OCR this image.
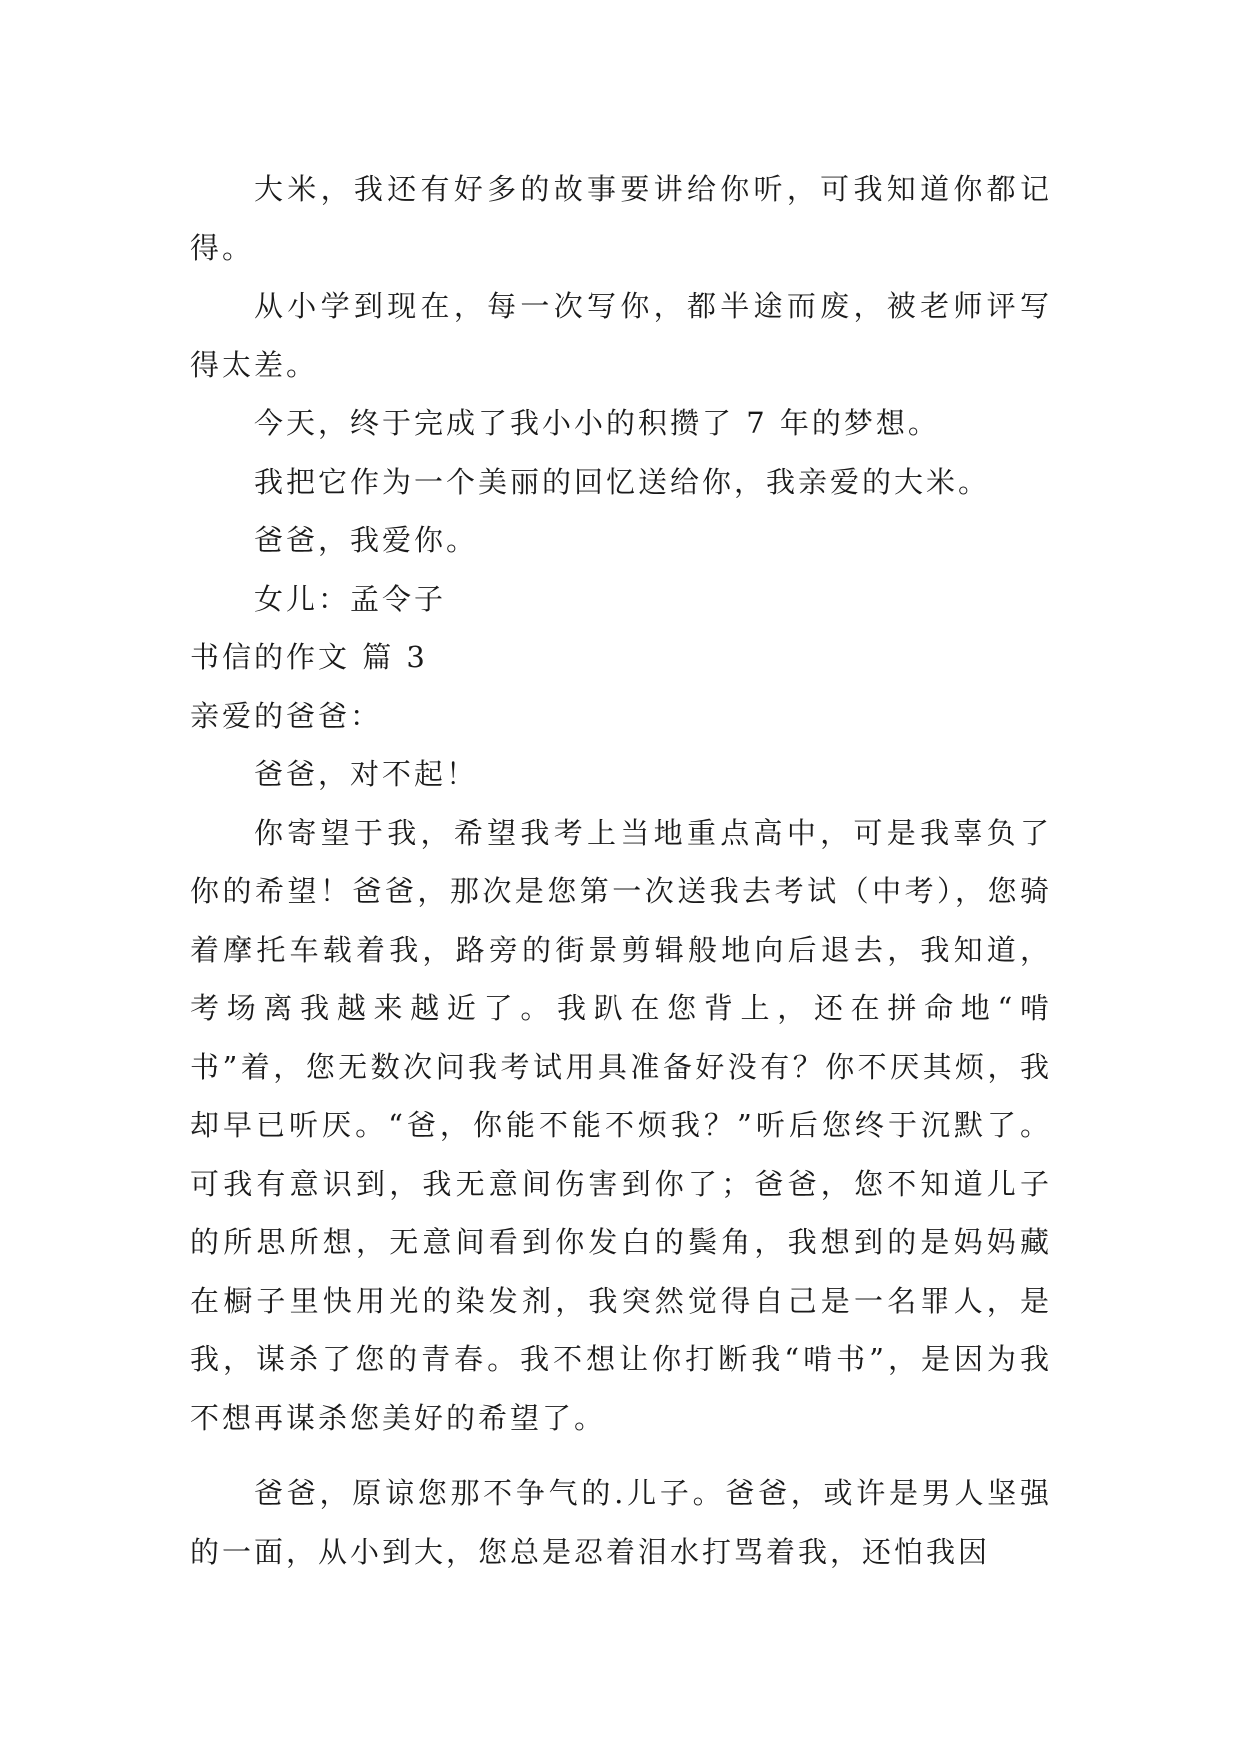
大米，我还有好多的故事要讲给你听，可我知道你都记得。

从小学到现在，每一次写你，都半途而废，被老师评写得太差。

今天，终于完成了我小小的积攒了 7 年的梦想。

我把它作为一个美丽的回忆送给你，我亲爱的大米。

爸爸，我爱你。

女儿：孟令子

书信的作文 篇 3

亲爱的爸爸：

爸爸，对不起！

你寄望于我，希望我考上当地重点高中，可是我辜负了你的希望！爸爸，那次是您第一次送我去考试（中考），您骑着摩托车载着我，路旁的街景剪辑般地向后退去，我知道，考场离我越来越近了。我趴在您背上，还在拼命地“啃书”着，您无数次问我考试用具准备好没有？你不厌其烦，我却早已听厌。“爸，你能不能不烦我？”听后您终于沉默了。可我有意识到，我无意间伤害到你了；爸爸，您不知道儿子的所思所想，无意间看到你发白的鬓角，我想到的是妈妈藏在橱子里快用光的染发剂，我突然觉得自己是一名罪人，是我，谋杀了您的青春。我不想让你打断我“啃书”，是因为我不想再谋杀您美好的希望了。

爸爸，原谅您那不争气的.儿子。爸爸，或许是男人坚强的一面，从小到大，您总是忍着泪水打骂着我，还怕我因
